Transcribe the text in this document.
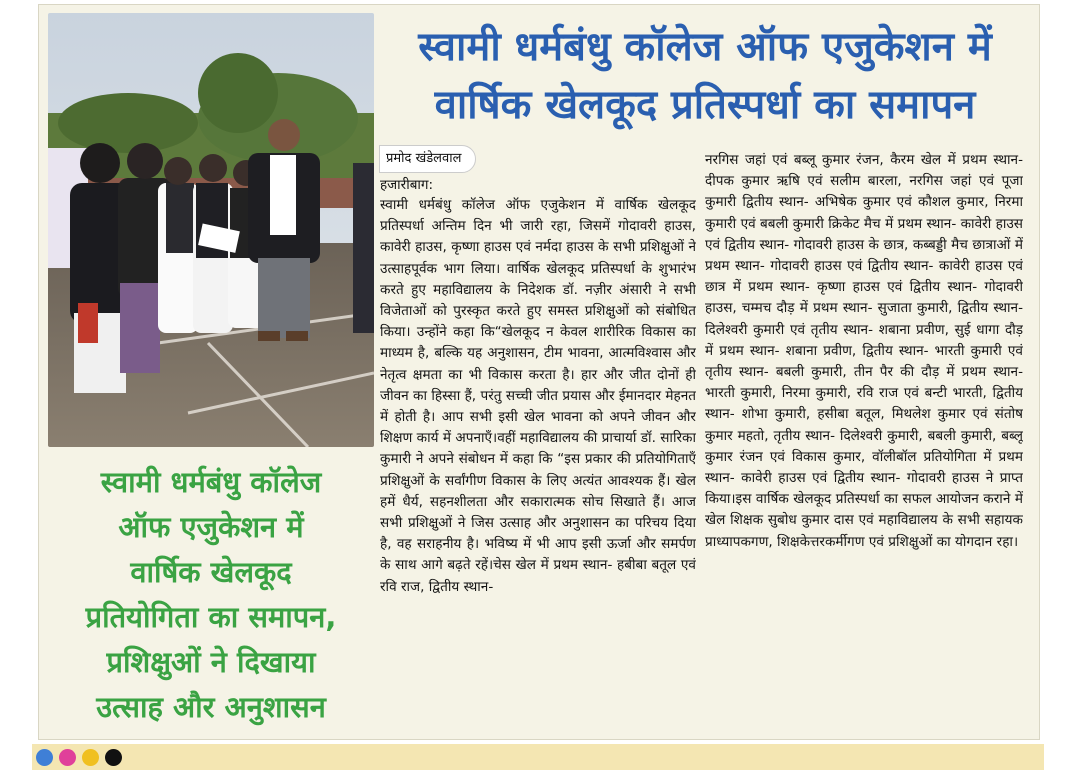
स्वामी धर्मबंधु कॉलेज ऑफ एजुकेशन में
वार्षिक खेलकूद प्रतिस्पर्धा का समापन
प्रमोद खंडेलवाल
हजारीबाग:
स्वामी धर्मबंधु कॉलेज ऑफ एजुकेशन में वार्षिक खेलकूद प्रतिस्पर्धा अन्तिम दिन भी जारी रहा, जिसमें गोदावरी हाउस, कावेरी हाउस, कृष्णा हाउस एवं नर्मदा हाउस के सभी प्रशिक्षुओं ने उत्साहपूर्वक भाग लिया। वार्षिक खेलकूद प्रतिस्पर्धा के शुभारंभ करते हुए महाविद्यालय के निदेशक डॉ. नज़ीर अंसारी ने सभी विजेताओं को पुरस्कृत करते हुए समस्त प्रशिक्षुओं को संबोधित किया। उन्होंने कहा कि“खेलकूद न केवल शारीरिक विकास का माध्यम है, बल्कि यह अनुशासन, टीम भावना, आत्मविश्वास और नेतृत्व क्षमता का भी विकास करता है। हार और जीत दोनों ही जीवन का हिस्सा हैं, परंतु सच्ची जीत प्रयास और ईमानदार मेहनत में होती है। आप सभी इसी खेल भावना को अपने जीवन और शिक्षण कार्य में अपनाएँ।वहीं महाविद्यालय की प्राचार्या डॉ. सारिका कुमारी ने अपने संबोधन में कहा कि “इस प्रकार की प्रतियोगिताएँ प्रशिक्षुओं के सर्वांगीण विकास के लिए अत्यंत आवश्यक हैं। खेल हमें धैर्य, सहनशीलता और सकारात्मक सोच सिखाते हैं। आज सभी प्रशिक्षुओं ने जिस उत्साह और अनुशासन का परिचय दिया है, वह सराहनीय है। भविष्य में भी आप इसी ऊर्जा और समर्पण के साथ आगे बढ़ते रहें।चेस खेल में प्रथम स्थान- हबीबा बतूल एवं रवि राज, द्वितीय स्थान-
नरगिस जहां एवं बब्लू कुमार रंजन, कैरम खेल में प्रथम स्थान- दीपक कुमार ऋषि एवं सलीम बारला, नरगिस जहां एवं पूजा कुमारी द्वितीय स्थान- अभिषेक कुमार एवं कौशल कुमार, निरमा कुमारी एवं बबली कुमारी क्रिकेट मैच में प्रथम स्थान- कावेरी हाउस एवं द्वितीय स्थान- गोदावरी हाउस के छात्र, कब्बड्डी मैच छात्राओं में प्रथम स्थान- गोदावरी हाउस एवं द्वितीय स्थान- कावेरी हाउस एवं छात्र में प्रथम स्थान- कृष्णा हाउस एवं द्वितीय स्थान- गोदावरी हाउस, चम्मच दौड़ में प्रथम स्थान- सुजाता कुमारी, द्वितीय स्थान- दिलेश्वरी कुमारी एवं तृतीय स्थान- शबाना प्रवीण, सुई धागा दौड़ में प्रथम स्थान- शबाना प्रवीण, द्वितीय स्थान- भारती कुमारी एवं तृतीय स्थान- बबली कुमारी, तीन पैर की दौड़ में प्रथम स्थान- भारती कुमारी, निरमा कुमारी, रवि राज एवं बन्टी भारती, द्वितीय स्थान- शोभा कुमारी, हसीबा बतूल, मिथलेश कुमार एवं संतोष कुमार महतो, तृतीय स्थान- दिलेश्वरी कुमारी, बबली कुमारी, बब्लू कुमार रंजन एवं विकास कुमार, वॉलीबॉल प्रतियोगिता में प्रथम स्थान- कावेरी हाउस एवं द्वितीय स्थान- गोदावरी हाउस ने प्राप्त किया।इस वार्षिक खेलकूद प्रतिस्पर्धा का सफल आयोजन कराने में खेल शिक्षक सुबोध कुमार दास एवं महाविद्यालय के सभी सहायक प्राध्यापकगण, शिक्षकेत्तरकर्मीगण एवं प्रशिक्षुओं का योगदान रहा।
स्वामी धर्मबंधु कॉलेज
ऑफ एजुकेशन में
वार्षिक खेलकूद
प्रतियोगिता का समापन,
प्रशिक्षुओं ने दिखाया
उत्साह और अनुशासन
